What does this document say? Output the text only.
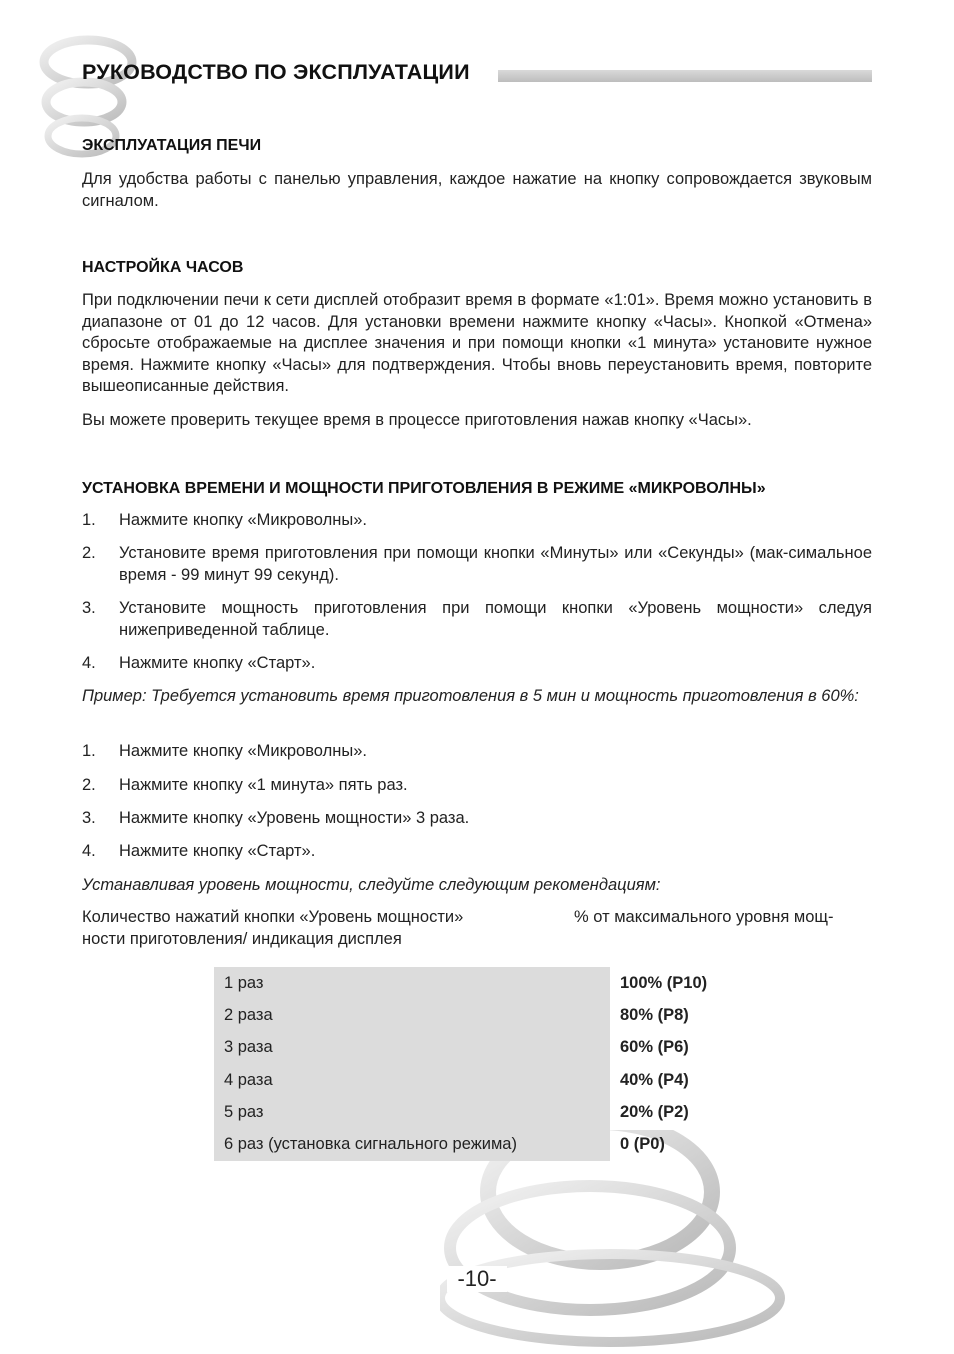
РУКОВОДСТВО ПО ЭКСПЛУАТАЦИИ
ЭКСПЛУАТАЦИЯ ПЕЧИ

Для удобства работы с панелью управления, каждое нажатие на кнопку сопровождается звуковым сигналом.

НАСТРОЙКА ЧАСОВ

При подключении печи к сети дисплей отобразит время в формате «1:01». Время можно установить в диапазоне от 01 до 12 часов. Для установки времени нажмите кнопку «Часы». Кнопкой «Отмена» сбросьте отображаемые на дисплее значения и при помощи кнопки «1 минута» установите нужное время. Нажмите кнопку «Часы» для подтверждения. Чтобы вновь переустановить время, повторите вышеописанные действия.

Вы можете проверить текущее время в процессе приготовления нажав кнопку «Часы».

УСТАНОВКА ВРЕМЕНИ И МОЩНОСТИ ПРИГОТОВЛЕНИЯ В РЕЖИМЕ «МИКРОВОЛНЫ»
1. Нажмите кнопку «Микроволны».
2. Установите время приготовления при помощи кнопки «Минуты» или «Секунды» (мак-симальное время - 99 минут 99 секунд).
3. Установите мощность приготовления при помощи кнопки «Уровень мощности» следуя нижеприведенной таблице.
4. Нажмите кнопку «Старт».

Пример: Требуется установить время приготовления в 5 мин и мощность приготовления в 60%:

1. Нажмите кнопку «Микроволны».
2. Нажмите кнопку «1 минута» пять раз.
3. Нажмите кнопку «Уровень мощности» 3 раза.
4. Нажмите кнопку «Старт».

Устанавливая уровень мощности, следуйте следующим рекомендациям:

Количество нажатий кнопки «Уровень мощности»	% от максимального уровня мощ-
ности приготовления/ индикация дисплея
1 раз	100% (P10)
2 раза	80% (P8)
3 раза	60% (P6)
4 раза	40% (P4)
5 раз	20% (P2)
6 раз (установка сигнального режима)	0 (P0)
-10-
